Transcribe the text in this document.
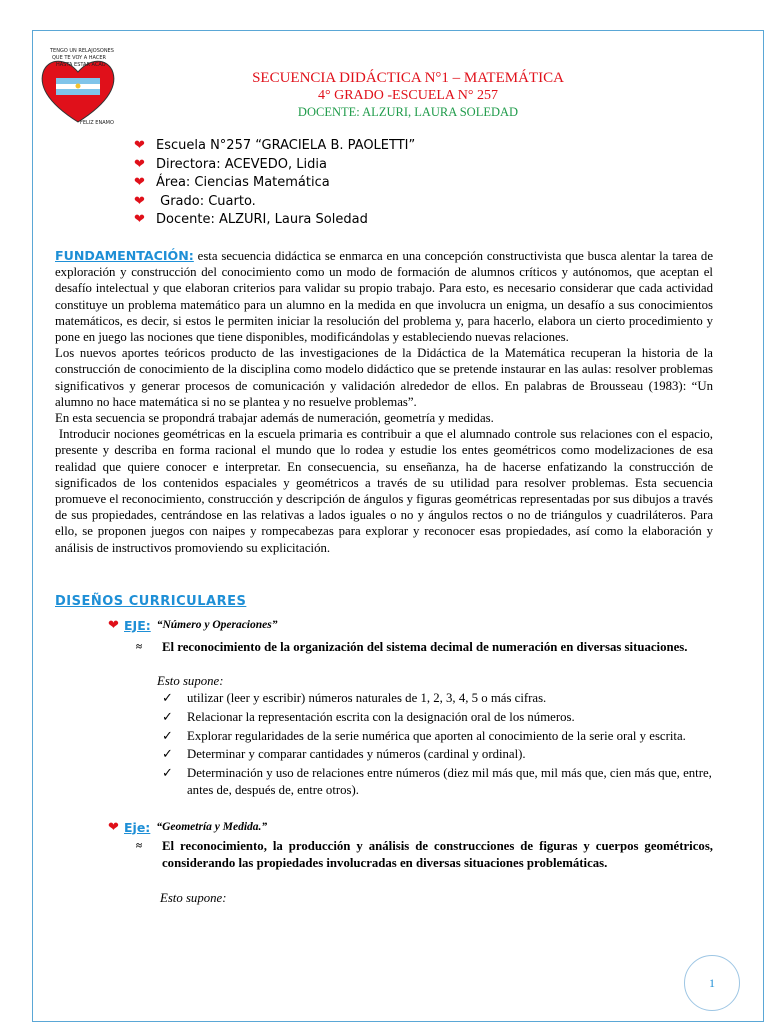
TENGO UN RELAJOSONES
QUE TE VOY A HACER
HASTA ESTAR ACAO
FELIZ ENAMO
SECUENCIA DIDÁCTICA N°1 – MATEMÁTICA
4° GRADO -ESCUELA N° 257
DOCENTE: ALZURI, LAURA SOLEDAD
❤ Escuela N°257 “GRACIELA B. PAOLETTI”
❤ Directora: ACEVEDO, Lidia
❤ Área: Ciencias Matemática
❤ Grado: Cuarto.
❤ Docente: ALZURI, Laura Soledad

FUNDAMENTACIÓN: esta secuencia didáctica se enmarca en una concepción constructivista que busca alentar la tarea de exploración y construcción del conocimiento como un modo de formación de alumnos críticos y autónomos, que aceptan el desafío intelectual y que elaboran criterios para validar su propio trabajo. Para esto, es necesario considerar que cada actividad constituye un problema matemático para un alumno en la medida en que involucra un enigma, un desafío a sus conocimientos matemáticos, es decir, si estos le permiten iniciar la resolución del problema y, para hacerlo, elabora un cierto procedimiento y pone en juego las nociones que tiene disponibles, modificándolas y estableciendo nuevas relaciones.

Los nuevos aportes teóricos producto de las investigaciones de la Didáctica de la Matemática recuperan la historia de la construcción de conocimiento de la disciplina como modelo didáctico que se pretende instaurar en las aulas: resolver problemas significativos y generar procesos de comunicación y validación alrededor de ellos. En palabras de Brousseau (1983): “Un alumno no hace matemática si no se plantea y no resuelve problemas”.

En esta secuencia se propondrá trabajar además de numeración, geometría y medidas.

Introducir nociones geométricas en la escuela primaria es contribuir a que el alumnado controle sus relaciones con el espacio, presente y describa en forma racional el mundo que lo rodea y estudie los entes geométricos como modelizaciones de esa realidad que quiere conocer e interpretar. En consecuencia, su enseñanza, ha de hacerse enfatizando la construcción de significados de los contenidos espaciales y geométricos a través de su utilidad para resolver problemas. Esta secuencia promueve el reconocimiento, construcción y descripción de ángulos y figuras geométricas representadas por sus dibujos a través de sus propiedades, centrándose en las relativas a lados iguales o no y ángulos rectos o no de triángulos y cuadriláteros. Para ello, se proponen juegos con naipes y rompecabezas para explorar y reconocer esas propiedades, así como la elaboración y análisis de instructivos promoviendo su explicitación.

DISEÑOS CURRICULARES
❤ EJE: “Número y Operaciones”
≈	El reconocimiento de la organización del sistema decimal de numeración en diversas situaciones.
Esto supone:
✓	utilizar (leer y escribir) números naturales de 1, 2, 3, 4, 5 o más cifras.
✓	Relacionar la representación escrita con la designación oral de los números.
✓	Explorar regularidades de la serie numérica que aporten al conocimiento de la serie oral y escrita.
✓	Determinar y comparar cantidades y números (cardinal y ordinal).
✓	Determinación y uso de relaciones entre números (diez mil más que, mil más que, cien más que, entre, antes de, después de, entre otros).
❤ Eje: “Geometría y Medida.”
≈	El reconocimiento, la producción y análisis de construcciones de figuras y cuerpos geométricos, considerando las propiedades involucradas en diversas situaciones problemáticas.
Esto supone:
1
